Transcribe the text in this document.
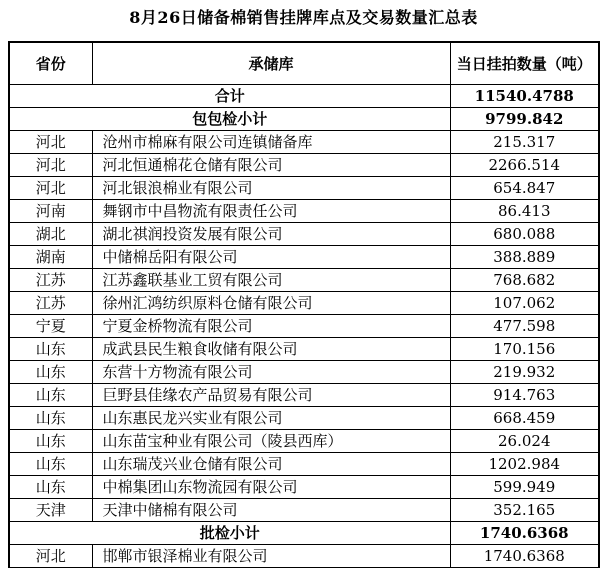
8月26日储备棉销售挂牌库点及交易数量汇总表
省份	承储库	当日挂拍数量（吨）
合计		11540.4788
包包检小计		9799.842
河北	沧州市棉麻有限公司连镇储备库	215.317
河北	河北恒通棉花仓储有限公司	2266.514
河北	河北银浪棉业有限公司	654.847
河南	舞钢市中昌物流有限责任公司	86.413
湖北	湖北祺润投资发展有限公司	680.088
湖南	中储棉岳阳有限公司	388.889
江苏	江苏鑫联基业工贸有限公司	768.682
江苏	徐州汇鸿纺织原料仓储有限公司	107.062
宁夏	宁夏金桥物流有限公司	477.598
山东	成武县民生粮食收储有限公司	170.156
山东	东营十方物流有限公司	219.932
山东	巨野县佳缘农产品贸易有限公司	914.763
山东	山东惠民龙兴实业有限公司	668.459
山东	山东苗宝种业有限公司（陵县西库）	26.024
山东	山东瑞茂兴业仓储有限公司	1202.984
山东	中棉集团山东物流园有限公司	599.949
天津	天津中储棉有限公司	352.165
批检小计		1740.6368
河北	邯郸市银泽棉业有限公司	1740.6368
